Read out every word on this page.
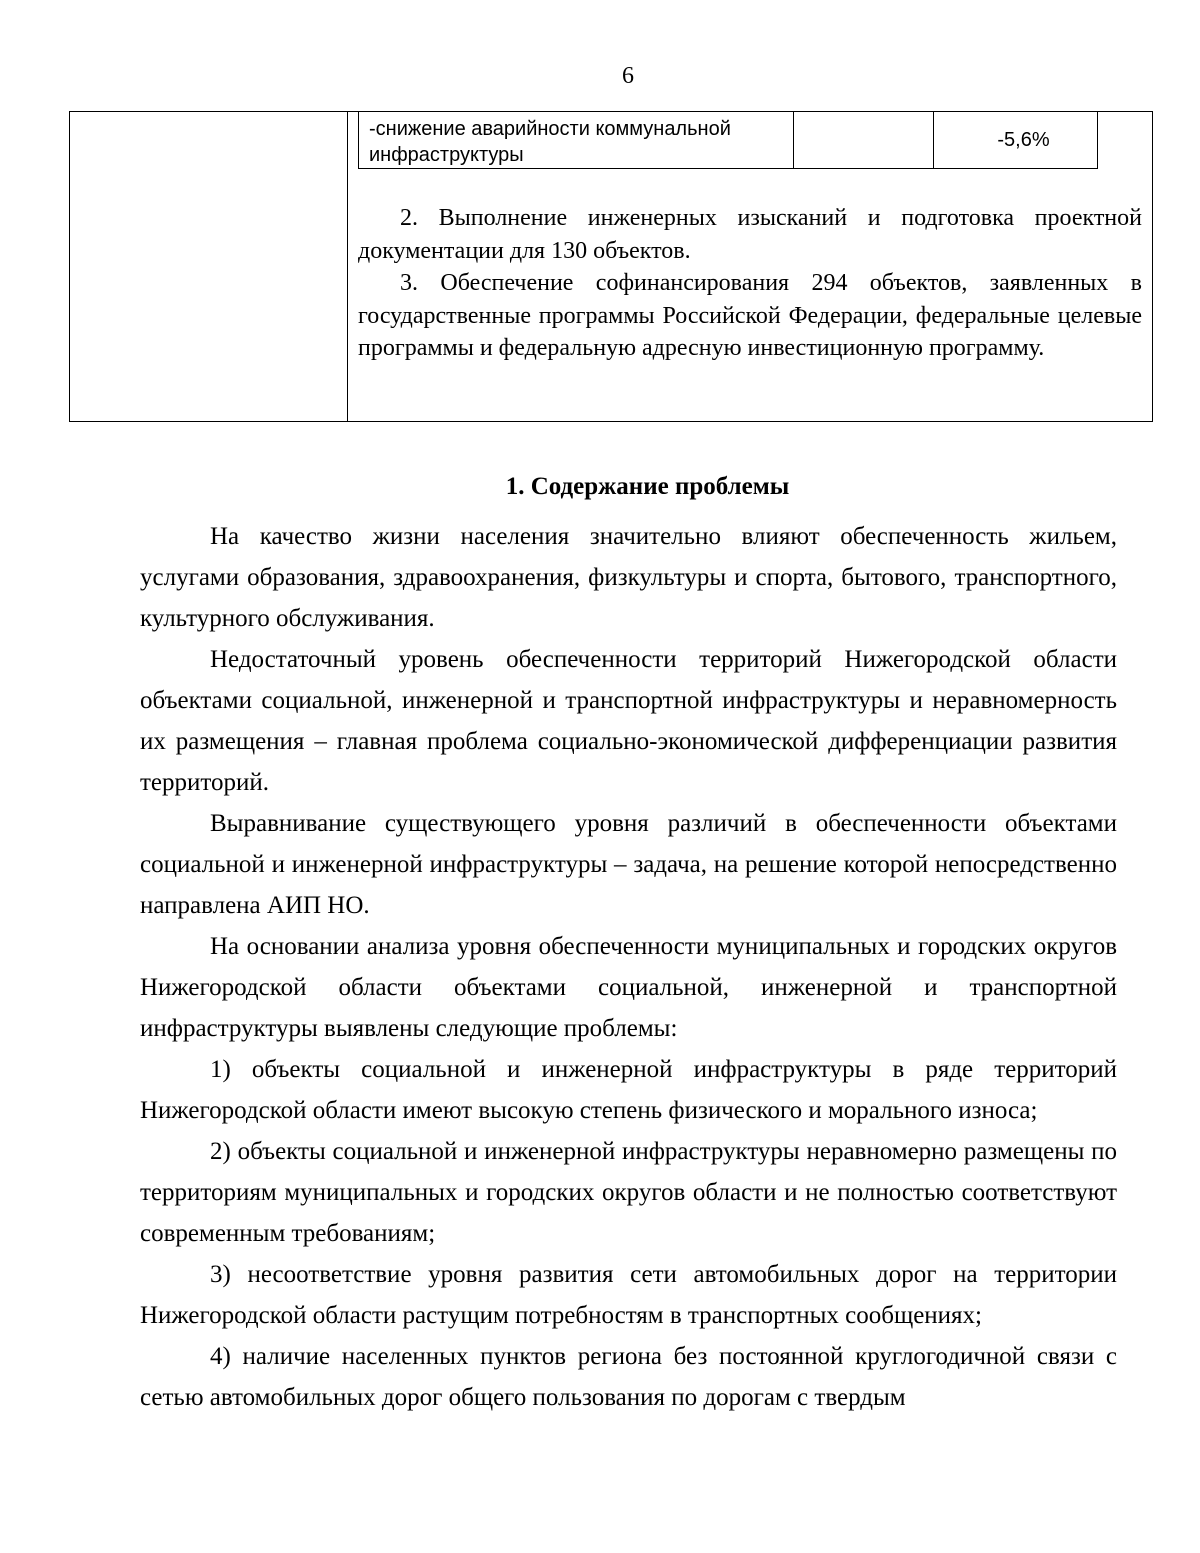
6
-снижение аварийности коммунальной инфраструктуры
-5,6%

2. Выполнение инженерных изысканий и подготовка проектной документации для 130 объектов.

3. Обеспечение софинансирования 294 объектов, заявленных в государственные программы Российской Федерации, федеральные целевые программы и федеральную адресную инвестиционную программу.

1. Содержание проблемы

На качество жизни населения значительно влияют обеспеченность жильем, услугами образования, здравоохранения, физкультуры и спорта, бытового, транспортного, культурного обслуживания.

Недостаточный уровень обеспеченности территорий Нижегородской области объектами социальной, инженерной и транспортной инфраструктуры и неравномерность их размещения – главная проблема социально-экономической дифференциации развития территорий.

Выравнивание существующего уровня различий в обеспеченности объектами социальной и инженерной инфраструктуры – задача, на решение которой непосредственно направлена АИП НО.

На основании анализа уровня обеспеченности муниципальных и городских округов Нижегородской области объектами социальной, инженерной и транспортной инфраструктуры выявлены следующие проблемы:

1) объекты социальной и инженерной инфраструктуры в ряде территорий Нижегородской области имеют высокую степень физического и морального износа;

2) объекты социальной и инженерной инфраструктуры неравномерно размещены по территориям муниципальных и городских округов области и не полностью соответствуют современным требованиям;

3) несоответствие уровня развития сети автомобильных дорог на территории Нижегородской области растущим потребностям в транспортных сообщениях;

4) наличие населенных пунктов региона без постоянной круглогодичной связи с сетью автомобильных дорог общего пользования по дорогам с твердым
